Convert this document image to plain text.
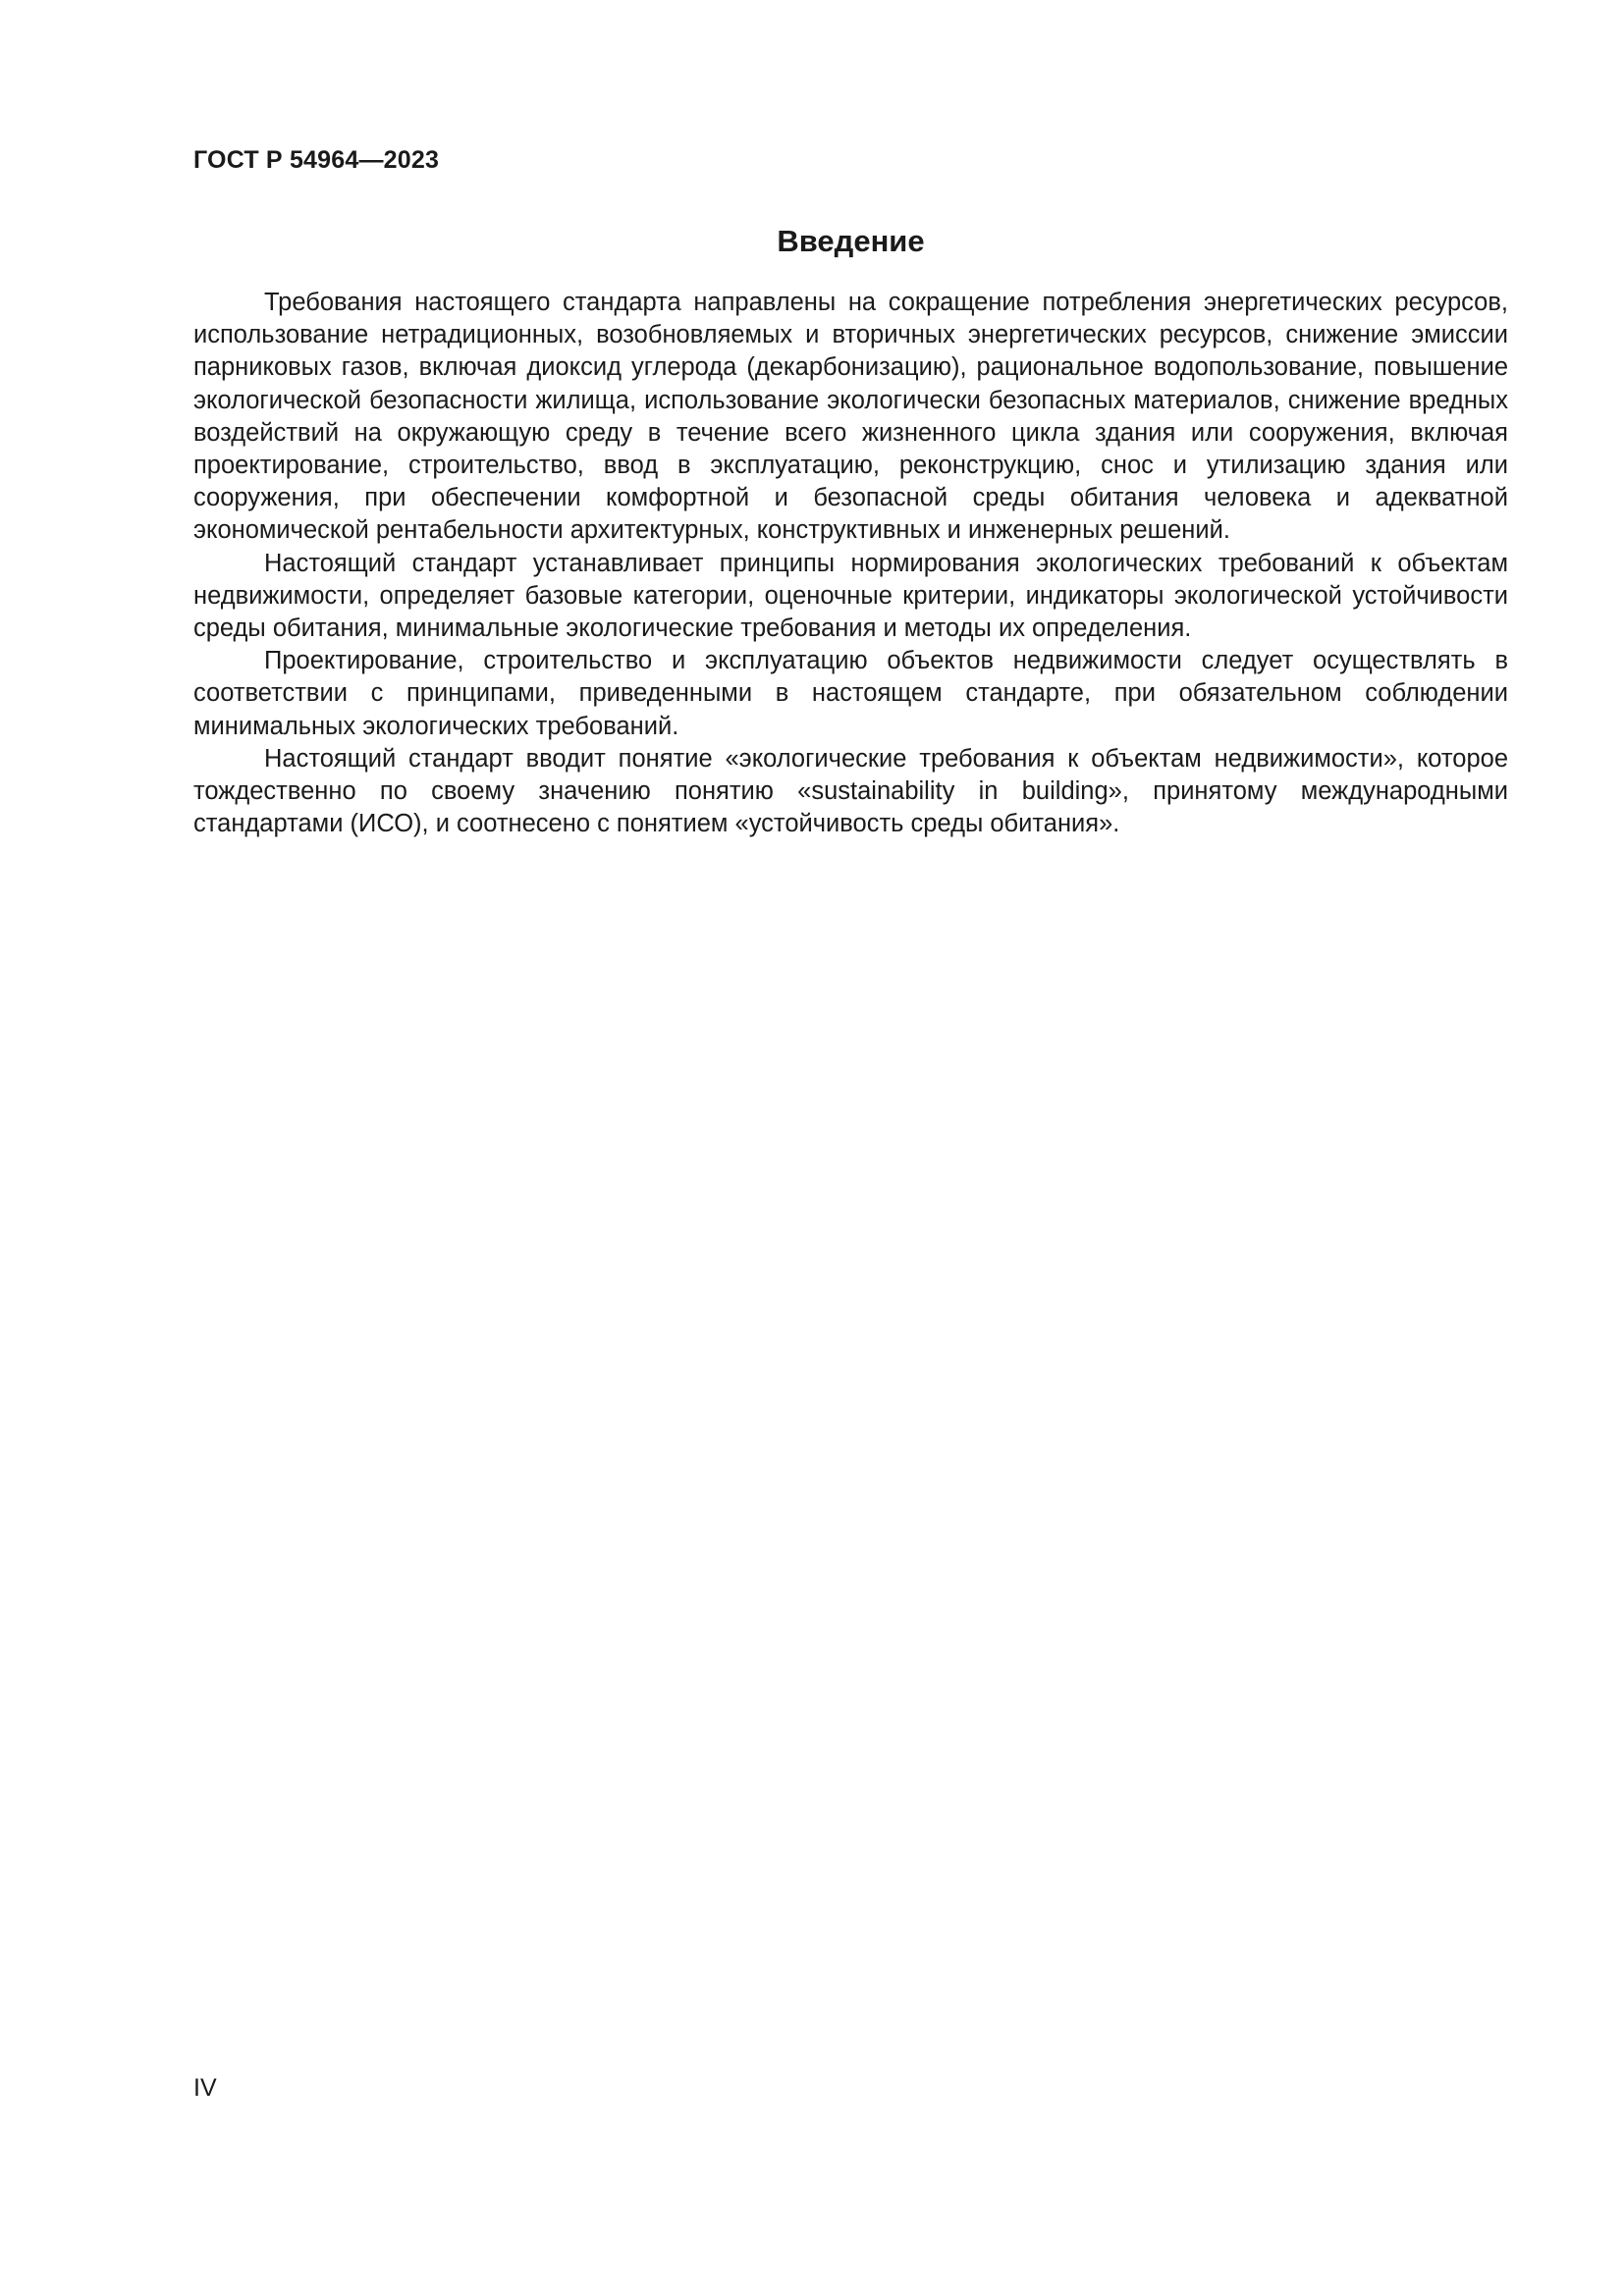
ГОСТ Р 54964—2023
Введение

Требования настоящего стандарта направлены на сокращение потребления энергетических ресурсов, использование нетрадиционных, возобновляемых и вторичных энергетических ресурсов, снижение эмиссии парниковых газов, включая диоксид углерода (декарбонизацию), рациональное водопользование, повышение экологической безопасности жилища, использование экологически безопасных материалов, снижение вредных воздействий на окружающую среду в течение всего жизненного цикла здания или сооружения, включая проектирование, строительство, ввод в эксплуатацию, реконструкцию, снос и утилизацию здания или сооружения, при обеспечении комфортной и безопасной среды обитания человека и адекватной экономической рентабельности архитектурных, конструктивных и инженерных решений.

Настоящий стандарт устанавливает принципы нормирования экологических требований к объектам недвижимости, определяет базовые категории, оценочные критерии, индикаторы экологической устойчивости среды обитания, минимальные экологические требования и методы их определения.

Проектирование, строительство и эксплуатацию объектов недвижимости следует осуществлять в соответствии с принципами, приведенными в настоящем стандарте, при обязательном соблюдении минимальных экологических требований.

Настоящий стандарт вводит понятие «экологические требования к объектам недвижимости», которое тождественно по своему значению понятию «sustainability in building», принятому международными стандартами (ИСО), и соотнесено с понятием «устойчивость среды обитания».

IV
